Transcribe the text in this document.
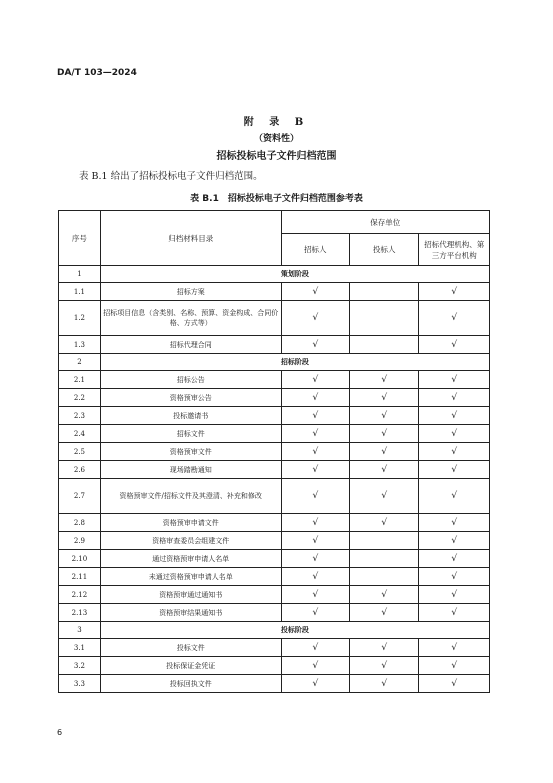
DA/T 103—2024
附 录 B
（资料性）
招标投标电子文件归档范围
表 B.1 给出了招标投标电子文件归档范围。
表 B.1　招标投标电子文件归档范围参考表
序号	归档材料目录	保存单位		
		招标人	投标人	招标代理机构、第三方平台机构
1	策划阶段			
1.1	招标方案	√		√
1.2	招标项目信息（含类别、名称、预算、资金构成、合同价格、方式等）	√		√
1.3	招标代理合同	√		√
2	招标阶段			
2.1	招标公告	√	√	√
2.2	资格预审公告	√	√	√
2.3	投标邀请书	√	√	√
2.4	招标文件	√	√	√
2.5	资格预审文件	√	√	√
2.6	现场踏勘通知	√	√	√
2.7	资格预审文件/招标文件及其澄清、补充和修改	√	√	√
2.8	资格预审申请文件	√	√	√
2.9	资格审查委员会组建文件	√		√
2.10	通过资格预审申请人名单	√		√
2.11	未通过资格预审申请人名单	√		√
2.12	资格预审通过通知书	√	√	√
2.13	资格预审结果通知书	√	√	√
3	投标阶段			
3.1	投标文件	√	√	√
3.2	投标保证金凭证	√	√	√
3.3	投标回执文件	√	√	√
6
